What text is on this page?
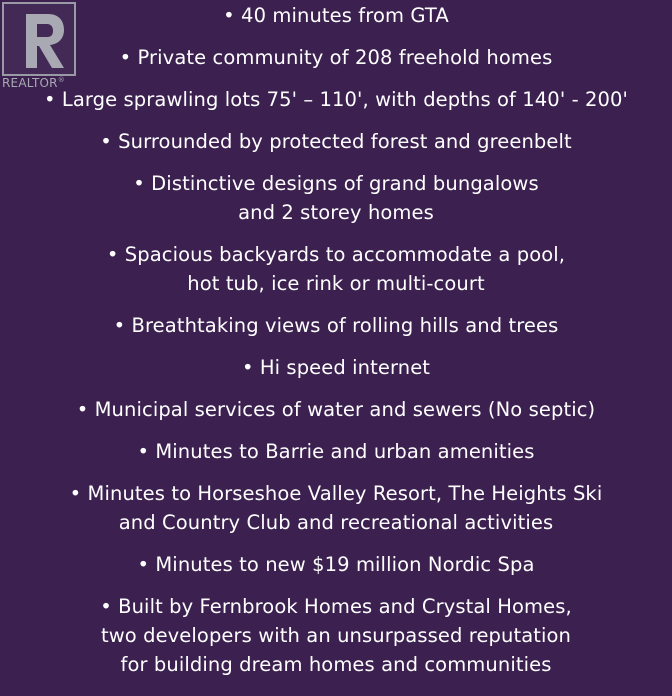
REALTOR®
• 40 minutes from GTA
• Private community of 208 freehold homes
• Large sprawling lots 75' – 110', with depths of 140' - 200'
• Surrounded by protected forest and greenbelt
• Distinctive designs of grand bungalows
and 2 storey homes
• Spacious backyards to accommodate a pool,
hot tub, ice rink or multi-court
• Breathtaking views of rolling hills and trees
• Hi speed internet
• Municipal services of water and sewers (No septic)
• Minutes to Barrie and urban amenities
• Minutes to Horseshoe Valley Resort, The Heights Ski
and Country Club and recreational activities
• Minutes to new $19 million Nordic Spa
• Built by Fernbrook Homes and Crystal Homes,
two developers with an unsurpassed reputation
for building dream homes and communities
